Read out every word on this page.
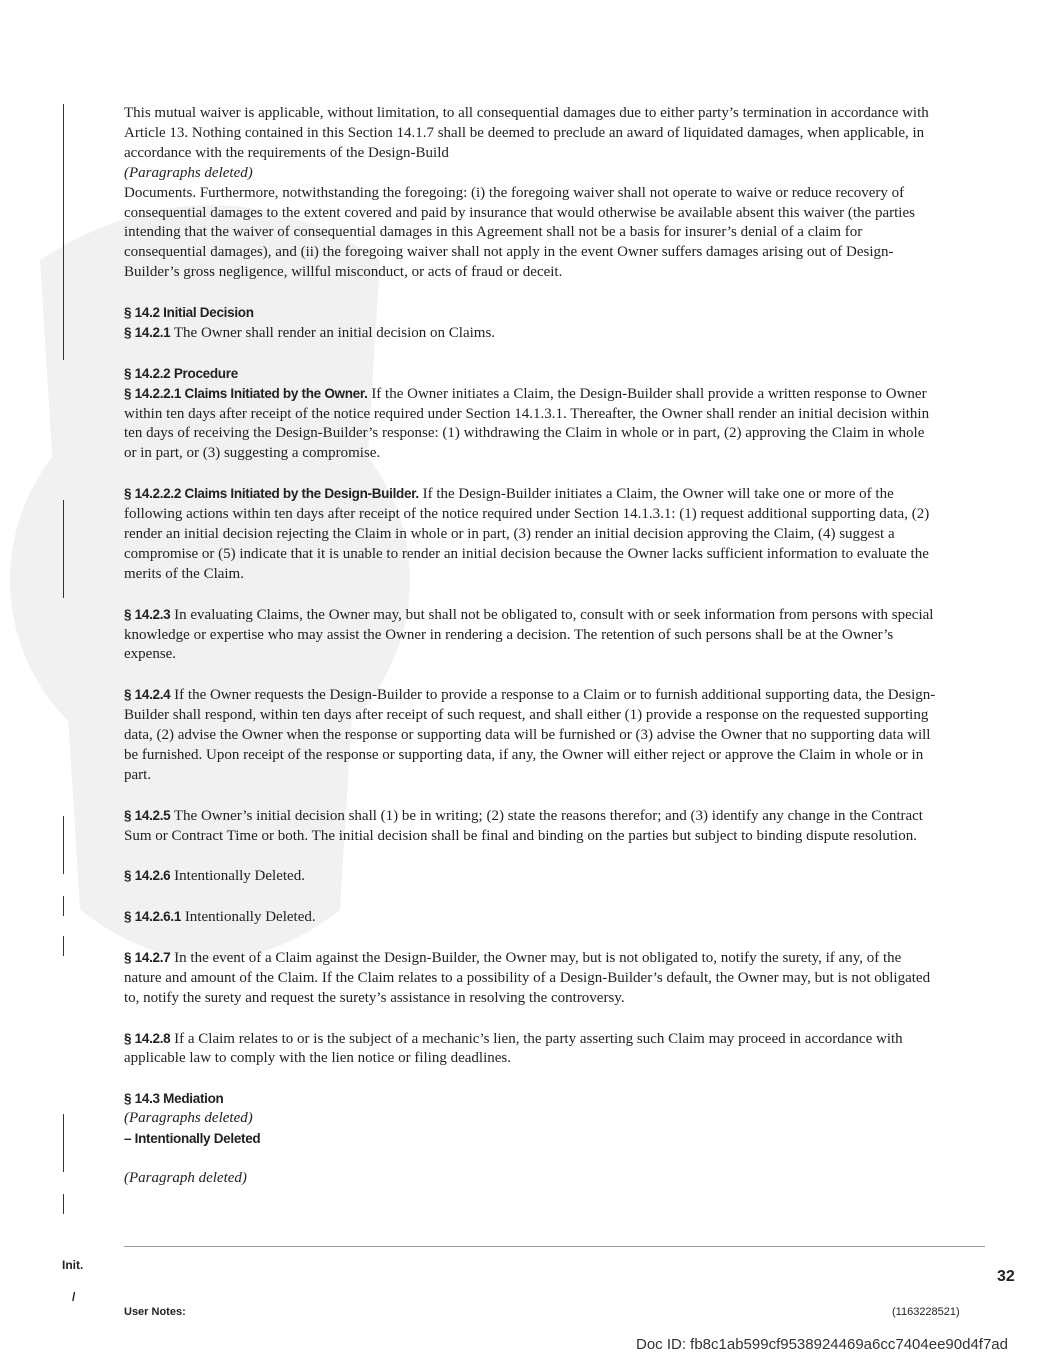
This mutual waiver is applicable, without limitation, to all consequential damages due to either party’s termination in accordance with Article 13. Nothing contained in this Section 14.1.7 shall be deemed to preclude an award of liquidated damages, when applicable, in accordance with the requirements of the Design-Build

(Paragraphs deleted)

Documents. Furthermore, notwithstanding the foregoing: (i) the foregoing waiver shall not operate to waive or reduce recovery of consequential damages to the extent covered and paid by insurance that would otherwise be available absent this waiver (the parties intending that the waiver of consequential damages in this Agreement shall not be a basis for insurer’s denial of a claim for consequential damages), and (ii) the foregoing waiver shall not apply in the event Owner suffers damages arising out of Design-Builder’s gross negligence, willful misconduct, or acts of fraud or deceit.

§ 14.2 Initial Decision

§ 14.2.1 The Owner shall render an initial decision on Claims.

§ 14.2.2 Procedure

§ 14.2.2.1 Claims Initiated by the Owner. If the Owner initiates a Claim, the Design-Builder shall provide a written response to Owner within ten days after receipt of the notice required under Section 14.1.3.1. Thereafter, the Owner shall render an initial decision within ten days of receiving the Design-Builder’s response: (1) withdrawing the Claim in whole or in part, (2) approving the Claim in whole or in part, or (3) suggesting a compromise.

§ 14.2.2.2 Claims Initiated by the Design-Builder. If the Design-Builder initiates a Claim, the Owner will take one or more of the following actions within ten days after receipt of the notice required under Section 14.1.3.1: (1) request additional supporting data, (2) render an initial decision rejecting the Claim in whole or in part, (3) render an initial decision approving the Claim, (4) suggest a compromise or (5) indicate that it is unable to render an initial decision because the Owner lacks sufficient information to evaluate the merits of the Claim.

§ 14.2.3 In evaluating Claims, the Owner may, but shall not be obligated to, consult with or seek information from persons with special knowledge or expertise who may assist the Owner in rendering a decision. The retention of such persons shall be at the Owner’s expense.

§ 14.2.4 If the Owner requests the Design-Builder to provide a response to a Claim or to furnish additional supporting data, the Design-Builder shall respond, within ten days after receipt of such request, and shall either (1) provide a response on the requested supporting data, (2) advise the Owner when the response or supporting data will be furnished or (3) advise the Owner that no supporting data will be furnished. Upon receipt of the response or supporting data, if any, the Owner will either reject or approve the Claim in whole or in part.

§ 14.2.5 The Owner’s initial decision shall (1) be in writing; (2) state the reasons therefor; and (3) identify any change in the Contract Sum or Contract Time or both. The initial decision shall be final and binding on the parties but subject to binding dispute resolution.

§ 14.2.6 Intentionally Deleted.

§ 14.2.6.1 Intentionally Deleted.

§ 14.2.7 In the event of a Claim against the Design-Builder, the Owner may, but is not obligated to, notify the surety, if any, of the nature and amount of the Claim. If the Claim relates to a possibility of a Design-Builder’s default, the Owner may, but is not obligated to, notify the surety and request the surety’s assistance in resolving the controversy.

§ 14.2.8 If a Claim relates to or is the subject of a mechanic’s lien, the party asserting such Claim may proceed in accordance with applicable law to comply with the lien notice or filing deadlines.

§ 14.3 Mediation

(Paragraphs deleted)

– Intentionally Deleted

(Paragraph deleted)

Init.
/
32
User Notes:	(1163228521)
Doc ID: fb8c1ab599cf9538924469a6cc7404ee90d4f7ad
